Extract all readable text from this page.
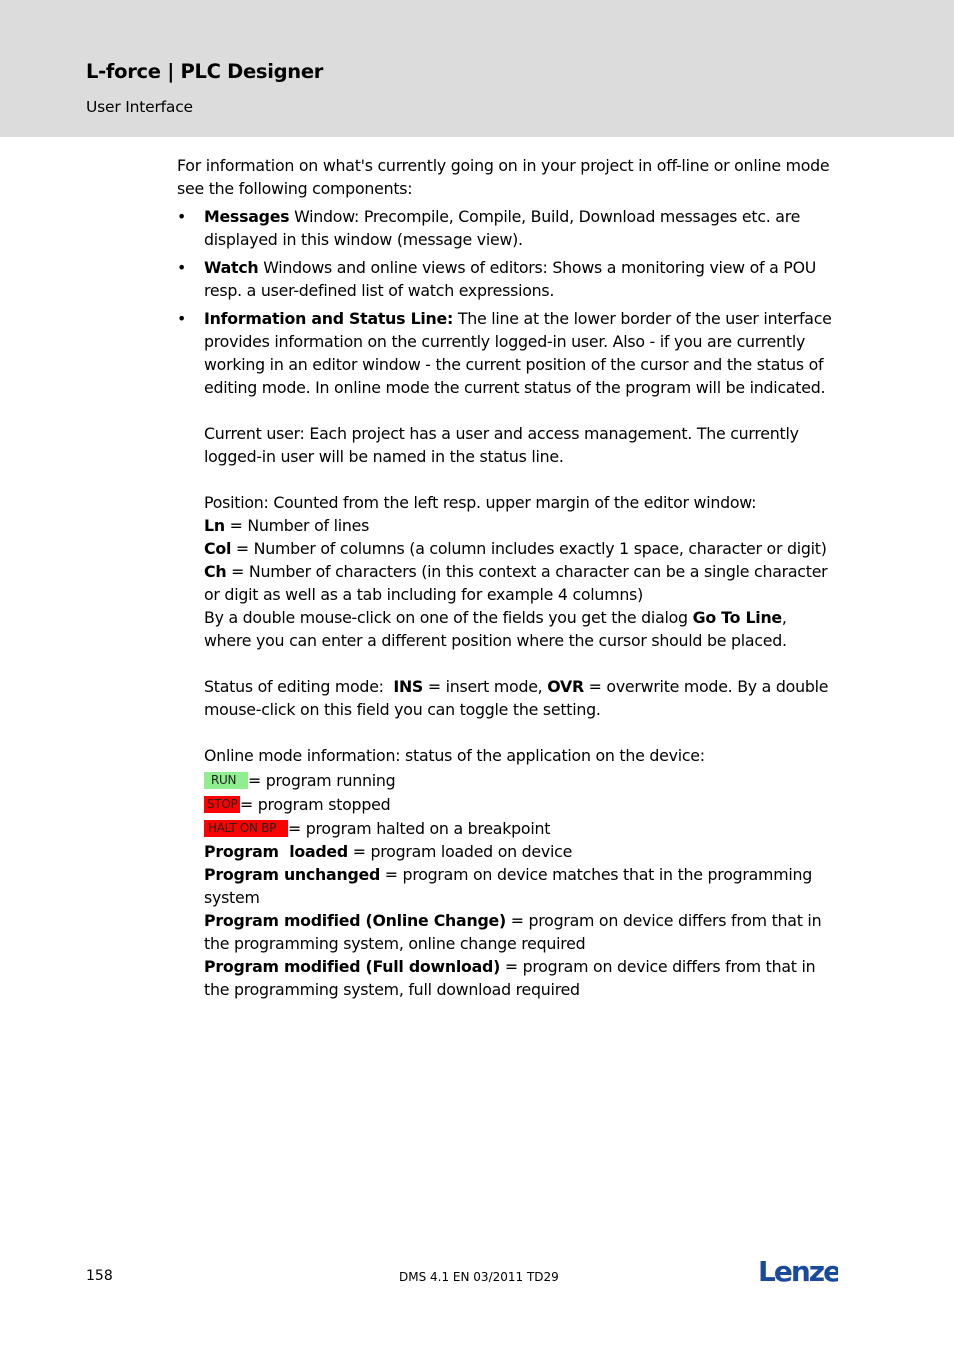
L-force | PLC Designer
User Interface

For information on what's currently going on in your project in off-line or online mode see the following components:

• Messages Window: Precompile, Compile, Build, Download messages etc. are displayed in this window (message view).
• Watch Windows and online views of editors: Shows a monitoring view of a POU resp. a user-defined list of watch expressions.
• Information and Status Line: The line at the lower border of the user interface provides information on the currently logged-in user. Also - if you are currently working in an editor window - the current position of the cursor and the status of editing mode. In online mode the current status of the program will be indicated.

Current user: Each project has a user and access management. The currently logged-in user will be named in the status line.

Position: Counted from the left resp. upper margin of the editor window:

Ln = Number of lines

Col = Number of columns (a column includes exactly 1 space, character or digit)

Ch = Number of characters (in this context a character can be a single character or digit as well as a tab including for example 4 columns)

By a double mouse-click on one of the fields you get the dialog Go To Line, where you can enter a different position where the cursor should be placed.

Status of editing mode:  INS = insert mode, OVR = overwrite mode. By a double mouse-click on this field you can toggle the setting.

Online mode information: status of the application on the device:

RUN = program running
STOP = program stopped
HALT ON BP = program halted on a breakpoint

Program  loaded = program loaded on device

Program unchanged = program on device matches that in the programming system

Program modified (Online Change) = program on device differs from that in the programming system, online change required

Program modified (Full download) = program on device differs from that in the programming system, full download required

158	DMS 4.1 EN 03/2011 TD29	Lenze
